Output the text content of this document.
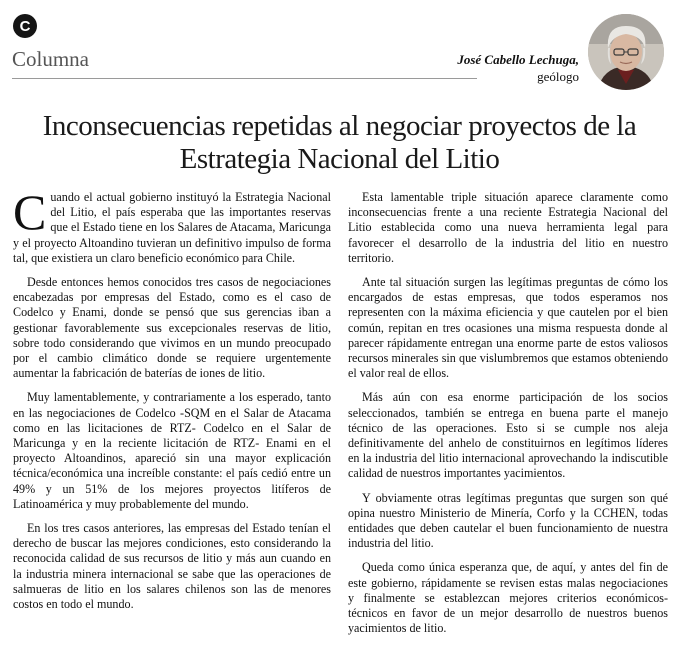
C
Columna	José Cabello Lechuga,
geólogo
Inconsecuencias repetidas al negociar proyectos de la Estrategia Nacional del Litio

Cuando el actual gobierno instituyó la Estrategia Nacional del Litio, el país esperaba que las importantes reservas que el Estado tiene en los Salares de Atacama, Maricunga y el proyecto Altoandino tuvieran un definitivo impulso de forma tal, que existiera un claro beneficio económico para Chile.

Desde entonces hemos conocidos tres casos de negociaciones encabezadas por empresas del Estado, como es el caso de Codelco y Enami, donde se pensó que sus gerencias iban a gestionar favorablemente sus excepcionales reservas de litio, sobre todo considerando que vivimos en un mundo preocupado por el cambio climático donde se requiere urgentemente aumentar la fabricación de baterías de iones de litio.

Muy lamentablemente, y contrariamente a los esperado, tanto en las negociaciones de Codelco -SQM en el Salar de Atacama como en las licitaciones de RTZ- Codelco en el Salar de Maricunga y en la reciente licitación de RTZ- Enami en el proyecto Altoandinos, apareció sin una mayor explicación técnica/económica una increíble constante: el país cedió entre un 49% y un 51% de los mejores proyectos litíferos de Latinoamérica y muy probablemente del mundo.

En los tres casos anteriores, las empresas del Estado tenían el derecho de buscar las mejores condiciones, esto considerando la reconocida calidad de sus recursos de litio y más aun cuando en la industria minera internacional se sabe que las operaciones de salmueras de litio en los salares chilenos son las de menores costos en todo el mundo.

Esta lamentable triple situación aparece claramente como inconsecuencias frente a una reciente Estrategia Nacional del Litio establecida como una nueva herramienta legal para favorecer el desarrollo de la industria del litio en nuestro territorio.

Ante tal situación surgen las legítimas preguntas de cómo los encargados de estas empresas, que todos esperamos nos representen con la máxima eficiencia y que cautelen por el bien común, repitan en tres ocasiones una misma respuesta donde al parecer rápidamente entregan una enorme parte de estos valiosos recursos minerales sin que vislumbremos que estamos obteniendo el valor real de ellos.

Más aún con esa enorme participación de los socios seleccionados, también se entrega en buena parte el manejo técnico de las operaciones. Esto si se cumple nos aleja definitivamente del anhelo de constituirnos en legítimos líderes en la industria del litio internacional aprovechando la indiscutible calidad de nuestros importantes yacimientos.

Y obviamente otras legítimas preguntas que surgen son qué opina nuestro Ministerio de Minería, Corfo y la CCHEN, todas entidades que deben cautelar el buen funcionamiento de nuestra industria del litio.

Queda como única esperanza que, de aquí, y antes del fin de este gobierno, rápidamente se revisen estas malas negociaciones y finalmente se establezcan mejores criterios económicos-técnicos en favor de un mejor desarrollo de nuestros buenos yacimientos de litio.
